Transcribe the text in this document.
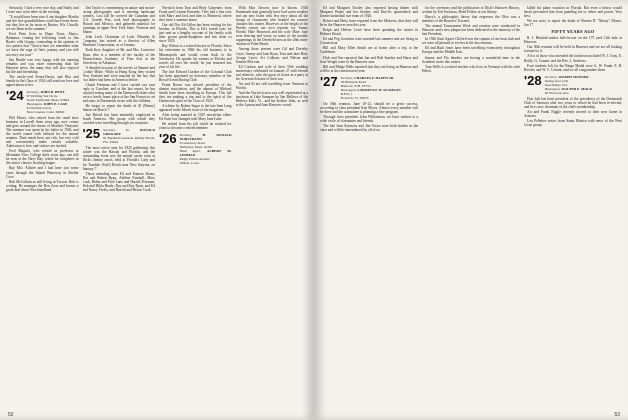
Seriously, I had a very nice day, and Emily and I were sure to be there in the evening.

"It would have been nice if our daughter Martha and the five grandchildren could have been there, but they live as far away as Racine, Wis. Usually we see them in the summer."

Fred Prim lives in Hope Town, Abaco, Bahamas, coming the following week to Jim Ryan's villa Gopan, contending in his opinion of two parties that "Grown here we remember what we have the saga of Jim's journey and you will not envy our tour."

Jim Hardie was very happy with his opening remarks and was more interesting than the Hanover news; the many that will also enjoyed his life and friendship.

The newly-wed Fiesta-Dasey, and Rita and family in the Class of 1924 still send our love and appreciation to her.

'24 Secretary, JOHN R. BENT
97 Drifting Tan Circle
South Yarmouth, Mass. 02664
Head Agent, JOHN E. CASE
8 Old Kirk Circle
New Canaan, Conn. 06840

Phil Morse, who retired from the retail shoe business in Lowell three years ago, now comes and goes around the shores of Martha's Vineyard. The summer was spent by his father in 1926, and the world comes with cultural for the annual reunion. Their meals here, not rich, but very cold and conveniently make certain valuable, Admission is free, and visitors are invited.

Fred Mugatti, who retired as professor at Mountain View College three years ago, can still be seen at the Navy Bay, where he completes in the senior classics bowling league.

Ray Mcl. Allister and I had have just some years through the Inland Waterway in Shelter Cove.

Bob McCollum as still living in Tucson. Bob is writing. He manages the Ben Aron and knows a good deal about Newfoundland.

Jim Taylor is commenting in nature and motor-racing photography and is meeting landscape painters. Last fall he covered the Canadian and U.S. Grands Prix, took bird photographs in Hawaii and Mexico, and gathered material for paintings in upper New York State, Vermont and Maine.

John Lesh, Chairman of Lesh, Rhoades & Company, has retired as a director of Allen Plunkette Corporation, as of January.

Ruth Kerr, daughter of Mr. and Mrs. Lawrence Ryan, who is a member of the faculty of the Pennsylvania Academy of Fine Arts at the University of Arkansas.

A detailed account of the travels of Jimmie and Cookie Milne. While at Hong Kong they visited New Zealand and were married by the fact that two ladies had been in America before.

Chuck Freeman and I have carried our own reply to Caroline, and at the last report, he has enjoyed seeing many of the Dartmouth skiers who have a lovely home place of the San Francisco art and tours in Dartmouth wrote with the children.

He forgot to report the death of Al (Benny) Simon on March 7.

Jim Bristol has been eminently employed in South America. His group with which they traveled were travelling through six countries.

'25 Secretary,	G. DONALD GREGORY
81 Bermuda Gardens, Delray Beach, Fla. 33444

The most active area for 1925 gatherings this winter was the Hawaii and Florida, and the outstanding event was the annual oyster roast at Dick's Jimmy ranch, held at Florida's Lady and the Tumbler (Gulf) Beach near New Smyrna, on January 7.

Those attending were Ed and Frances Burns, Dot and Ruben Ryan, Adeline Kimball, Mary Lusk, Helen and Fred Lane and Harold Freeman, Bob and Hilda Hurdy, Ray and Kay Ryan, and Ed and Nancy Farley, and Harold and Bessie Cook.

Norwich from Tom and Betty Carpenter, from Frank and Corinne Kennedy. They had a fine visit with Mary and Jack and then to Montreal, where they have a summer home.

Our old Doc Ed Gillen has been writing for his brother, in Florida. This is Ed's fourth year; he just sent us a lengthy account of his family with their grown grand-daughters and has done so since 1925.

Ray Wilson is a retired lawyer in Florida. Since his retirement in 1966 his old business is in Minneapolis and would come back to the Northwest. He spends his winters in Florida and travels all over the world; he just returned last year of his life.

The late Edward Gordon of the Colonial Club has been appointed an honorary member of the Royal Ocean Racing Club.

Frank Rosen was elected president of the alumni association, and the alumni of Michael Smith have been travelling in Europe. This fall they are making a trip and to the spirit of the Dartmouth spirit of the Class of 1925.

A tribute by Robert Sugar to the late Sam Lang appeared in the March issue of the magazine.

After being married in 1925 newsletter editor Ed Soter has changed with Mary Jane Lake.

He retired from his job which he worked for years to become a retired member.

'26 Secretary,	H. DONALD NORSTRAND
8 Greenway Road
Wellesley, Mass. 02181
Head Agent, ALBERT M. LEHMAN
Ridge Wilton Avenue
Wilton, Conn.

With May flowers now in bloom, 1926 Dartmouth men generally have had warm weather and can now listen with less envy about all the doings of classmates who headed for warmer climates this winter. However, at the height of the Florida season our own reporter for 'Sunny Florida' Hale Harwood and his wife Mary Jane were thriving and wrote on some of the notable happenings in the Deerfield area at the 26th mini-reunion in Palm Beach.

Among those present were Gil and Dorothy Leyer, Jimmy and Jane Ryan, Tom and Jane Hart, George Lever, Art Colburn, and Nelson and Frankie McLean.

Ed Carlson and wife of their 50th wedding anniversary celebrated on January 27 with friends and relatives, who the guest of honor at a party at the Greenwich home of their son.

Art and Al are still travelling from Vermont to Florida.

And the Norwich area was well represented at a luncheon at Lake Sunapee by Jim Bellows of the Bellows Falls, Vt., and his brother John, as well as the Lyman and Jane Hanover crowd.

52

Ed and Margaret Dooley also reported having dinner with Margaret Brake and her brother, and Dutch's quarterback and former basketball star team of 1926.

Robert and Betty have reported from the Midwest, that they will be in the Hanover area this year.

Ralph and Helene Lowe have been spending the winter in Holmes Beach.

Ed and Peg Goodwin were married last summer and are living in Connecticut.

Bill and Mary Ellen Smith are at home after a trip to the Caribbean.

Dick and Sue reported that Jan and Bob Stanley and Harry and Jean Wright were in the Hanover area.

Bill and Midge Wells reported that they are living in Hanover and will be at the reunion next year.

'27 Secretary, CHARLES F. HAZEN JR.
18 Hemlock Road
Hanover, N.H. 03755
Head Agent, LAWRENCE W. SEAMSON
R.F.D. 1
Norwich, Vt. 05055

On 50th reunion, June 10-12, should be a great success, according to class president Ken Myers. Almost every member will be there and the committee is planning a fine program.

Through class president John Williamson, we have written to a wide circle of classmates and friends.

The late Sam Seymour and Jim Owen were both leaders in the class and will be remembered by all of us.

for the ceremony and the publication of Dick's Hanover History, written by Ted Swanson, Head Fellow at our library.

Harry's, a philosophic theory that expresses the Ohio was a member of the Board of Trustees.

The annual Tournament Week and reunion were conducted in Hanover and a new plaque has been dedicated to the memory of the late President.

In 1926 Aunt Agnes Clifford was the captain of our boat club and we were all pleased to see her at the last reunion.

Ed and Ruth Jones have been travelling extensively throughout Europe and the Middle East.

Jimmy and Flo Sanders are having a wonderful time in the Southern states this winter.

Tom Wells is a retired teacher who lives in Vermont with his wife Helen.

killed his plane vacation in Florida. But even a bruise would hasn't prevented him from guarding his or others and power. Very best.

We are sorry to report the death of Warren D. "Monty" Moore, Jan 17.

FIFTY YEARS AGO

R. J. Hirnhalt makes hole-in-one on the 175 yard 12th hole at Hanover.

Our 50th reunion will be held in Hanover and we are all looking forward to it.

A list of those who attended the luncheon included W. J. Gray, E. Reilly, G. Conant, and the Rev. J. Andrews.

Four students left for the Bingo Medal were G. W. Frank, E. B. Bowley and W. C. Conant, and we all congratulate them.

'28 Secretary, JOSEPH SKINNER
Spring Grove Dr.
Glen Ridge, N.J.
Head Agent, WALTER E. MOCK
40 Norwood Ave.

Don Salt has been president of the presidency of the Dartmouth Club of Sarasota after two years to which he had been re-elected, and he is now chairman of the club's membership.

Art and Frank Niggle recently moved to their new home in Arizona.

Lou Pelletier writes from Santa Monica with news of the West Coast group.

53
